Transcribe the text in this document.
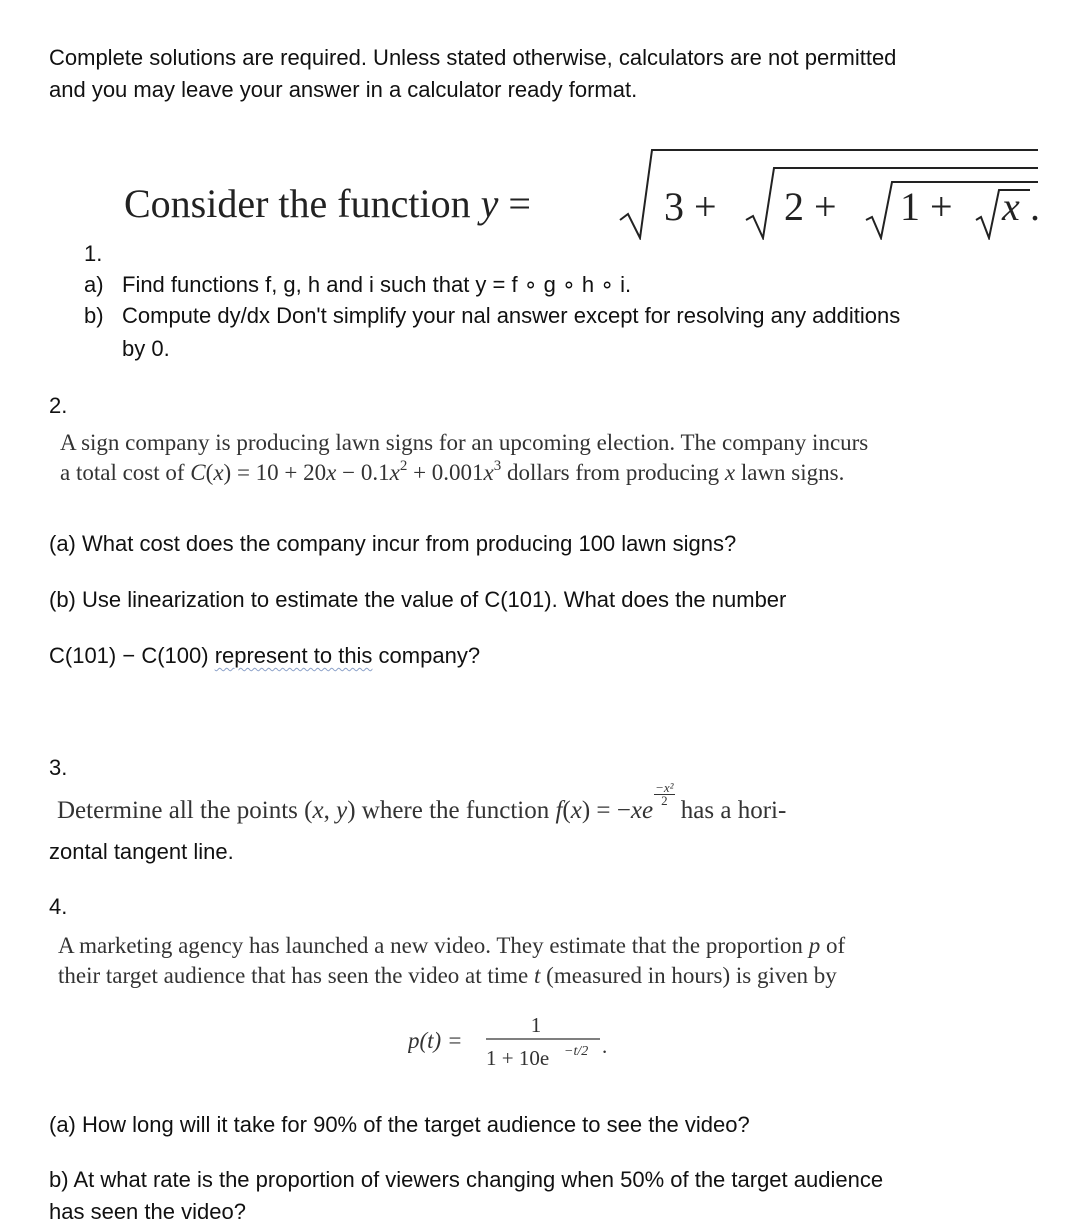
Complete solutions are required. Unless stated otherwise, calculators are not permitted

and you may leave your answer in a calculator ready format.

Consider the function y =	3 + 2 + 1 + x .

1.

a) Find functions f, g, h and i such that y = f ∘ g ∘ h ∘ i.

b) Compute dy/dx Don't simplify your nal answer except for resolving any additions

by 0.

2.

A sign company is producing lawn signs for an upcoming election. The company incurs

a total cost of $C(x) = 10 + 20x - 0.1x^2 + 0.001x^3$ dollars from producing x lawn signs.

(a) What cost does the company incur from producing 100 lawn signs?

(b) Use linearization to estimate the value of C(101). What does the number

C(101) − C(100) represent to this company?

3.

Determine all the points (x, y) where the function f(x) = −xe
$\frac{\text{−x²}}{2}$
has a hori-

zontal tangent line.

4.

A marketing agency has launched a new video. They estimate that the proportion p of

their target audience that has seen the video at time t (measured in hours) is given by

p(t) =
1
1 + 10e −t/2 .

(a) How long will it take for 90% of the target audience to see the video?

b) At what rate is the proportion of viewers changing when 50% of the target audience

has seen the video?
